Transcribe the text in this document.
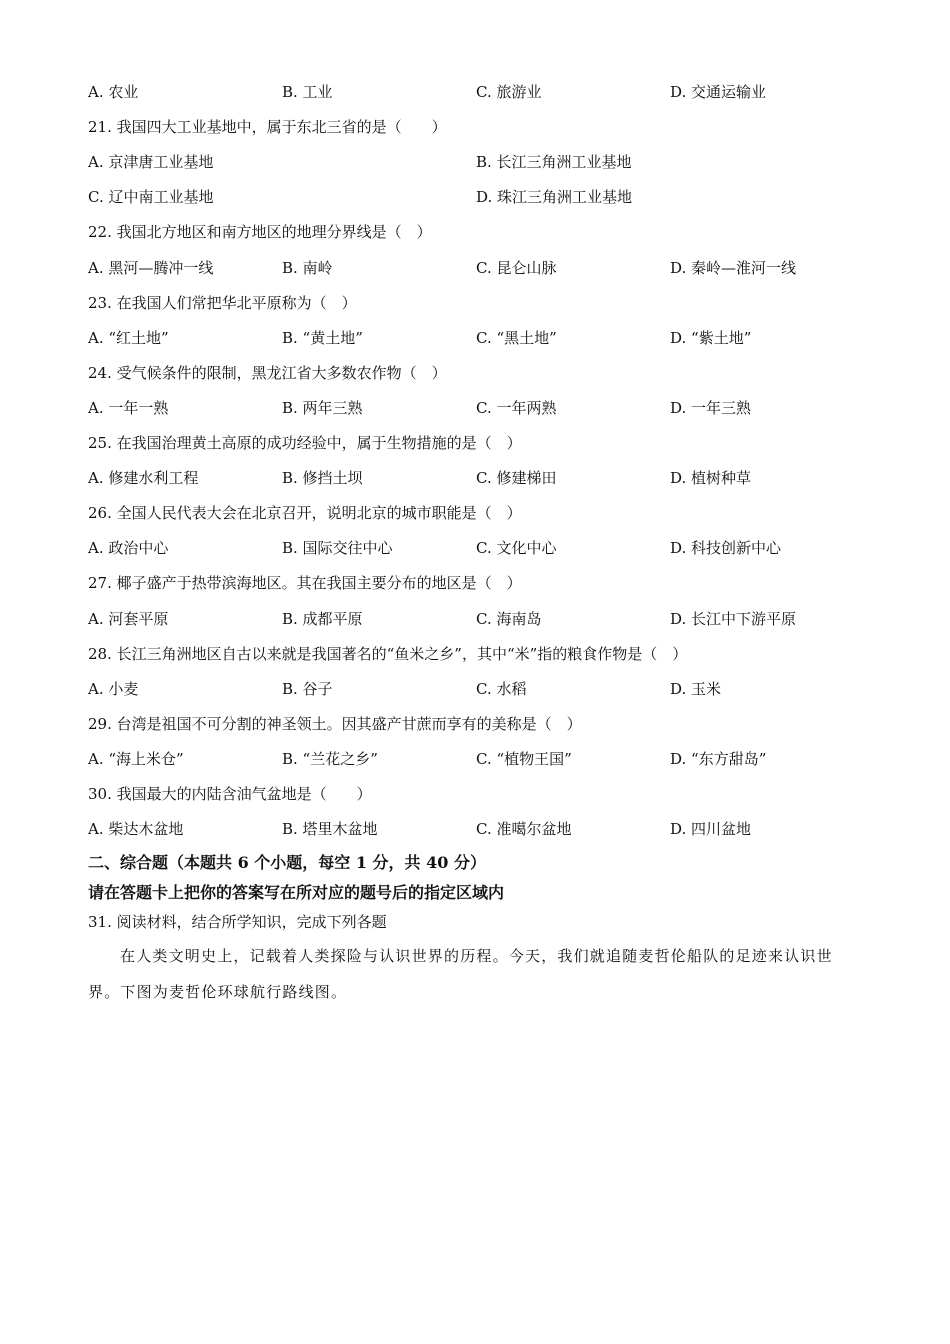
A. 农业	B. 工业	C. 旅游业	D. 交通运输业
21. 我国四大工业基地中，属于东北三省的是（　　）
A. 京津唐工业基地	B. 长江三角洲工业基地
C. 辽中南工业基地	D. 珠江三角洲工业基地
22. 我国北方地区和南方地区的地理分界线是（　）
A. 黑河—腾冲一线	B. 南岭	C. 昆仑山脉	D. 秦岭—淮河一线
23. 在我国人们常把华北平原称为（　）
A. “红土地”	B. “黄土地”	C. “黑土地”	D. “紫土地”
24. 受气候条件的限制，黑龙江省大多数农作物（　）
A. 一年一熟	B. 两年三熟	C. 一年两熟	D. 一年三熟
25. 在我国治理黄土高原的成功经验中，属于生物措施的是（　）
A. 修建水利工程	B. 修挡土坝	C. 修建梯田	D. 植树种草
26. 全国人民代表大会在北京召开，说明北京的城市职能是（　）
A. 政治中心	B. 国际交往中心	C. 文化中心	D. 科技创新中心
27. 椰子盛产于热带滨海地区。其在我国主要分布的地区是（　）
A. 河套平原	B. 成都平原	C. 海南岛	D. 长江中下游平原
28. 长江三角洲地区自古以来就是我国著名的“鱼米之乡”，其中“米”指的粮食作物是（　）
A. 小麦	B. 谷子	C. 水稻	D. 玉米
29. 台湾是祖国不可分割的神圣领土。因其盛产甘蔗而享有的美称是（　）
A. “海上米仓”	B. “兰花之乡”	C. “植物王国”	D. “东方甜岛”
30. 我国最大的内陆含油气盆地是（　　）
A. 柴达木盆地	B. 塔里木盆地	C. 准噶尔盆地	D. 四川盆地
二、综合题（本题共 6 个小题，每空 1 分，共 40 分）
请在答题卡上把你的答案写在所对应的题号后的指定区域内
31. 阅读材料，结合所学知识，完成下列各题
在人类文明史上，记载着人类探险与认识世界的历程。今天，我们就追随麦哲伦船队的足迹来认识世界。下图为麦哲伦环球航行路线图。
